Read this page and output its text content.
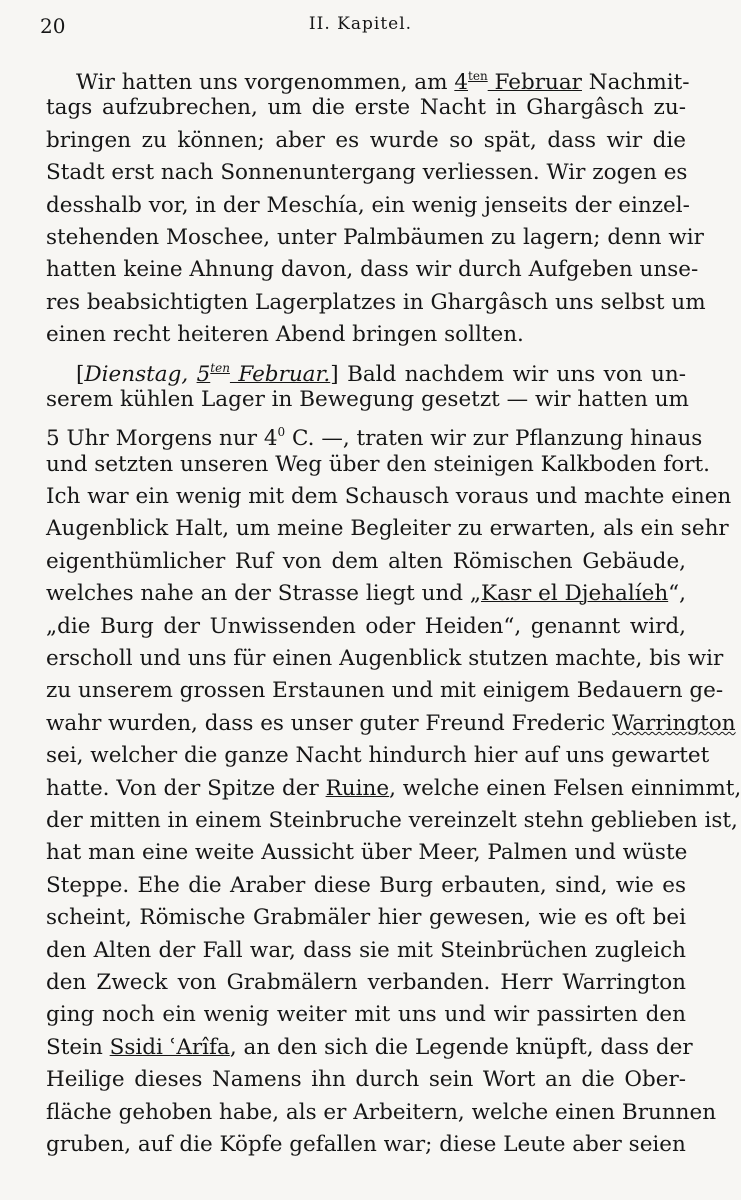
20	II. Kapitel.
Wir hatten uns vorgenommen, am $4^{ten}$ Februar Nachmit-
tags aufzubrechen, um die erste Nacht in Ghargâsch zu-
bringen zu können; aber es wurde so spät, dass wir die
Stadt erst nach Sonnenuntergang verliessen. Wir zogen es
desshalb vor, in der Meschía, ein wenig jenseits der einzel-
stehenden Moschee, unter Palmbäumen zu lagern; denn wir
hatten keine Ahnung davon, dass wir durch Aufgeben unse-
res beabsichtigten Lagerplatzes in Ghargâsch uns selbst um
einen recht heiteren Abend bringen sollten.
[Dienstag, $5^{ten}$ Februar.] Bald nachdem wir uns von un-
serem kühlen Lager in Bewegung gesetzt — wir hatten um
5 Uhr Morgens nur $4^0$ C. —, traten wir zur Pflanzung hinaus
und setzten unseren Weg über den steinigen Kalkboden fort.
Ich war ein wenig mit dem Schausch voraus und machte einen
Augenblick Halt, um meine Begleiter zu erwarten, als ein sehr
eigenthümlicher Ruf von dem alten Römischen Gebäude,
welches nahe an der Strasse liegt und „Kasr el Djehalíeh“,
„die Burg der Unwissenden oder Heiden“, genannt wird,
erscholl und uns für einen Augenblick stutzen machte, bis wir
zu unserem grossen Erstaunen und mit einigem Bedauern ge-
wahr wurden, dass es unser guter Freund Frederic Warrington
sei, welcher die ganze Nacht hindurch hier auf uns gewartet
hatte. Von der Spitze der Ruine, welche einen Felsen einnimmt,
der mitten in einem Steinbruche vereinzelt stehn geblieben ist,
hat man eine weite Aussicht über Meer, Palmen und wüste
Steppe. Ehe die Araber diese Burg erbauten, sind, wie es
scheint, Römische Grabmäler hier gewesen, wie es oft bei
den Alten der Fall war, dass sie mit Steinbrüchen zugleich
den Zweck von Grabmälern verbanden. Herr Warrington
ging noch ein wenig weiter mit uns und wir passirten den
Stein Ssidi ʿArîfa, an den sich die Legende knüpft, dass der
Heilige dieses Namens ihn durch sein Wort an die Ober-
fläche gehoben habe, als er Arbeitern, welche einen Brunnen
gruben, auf die Köpfe gefallen war; diese Leute aber seien
